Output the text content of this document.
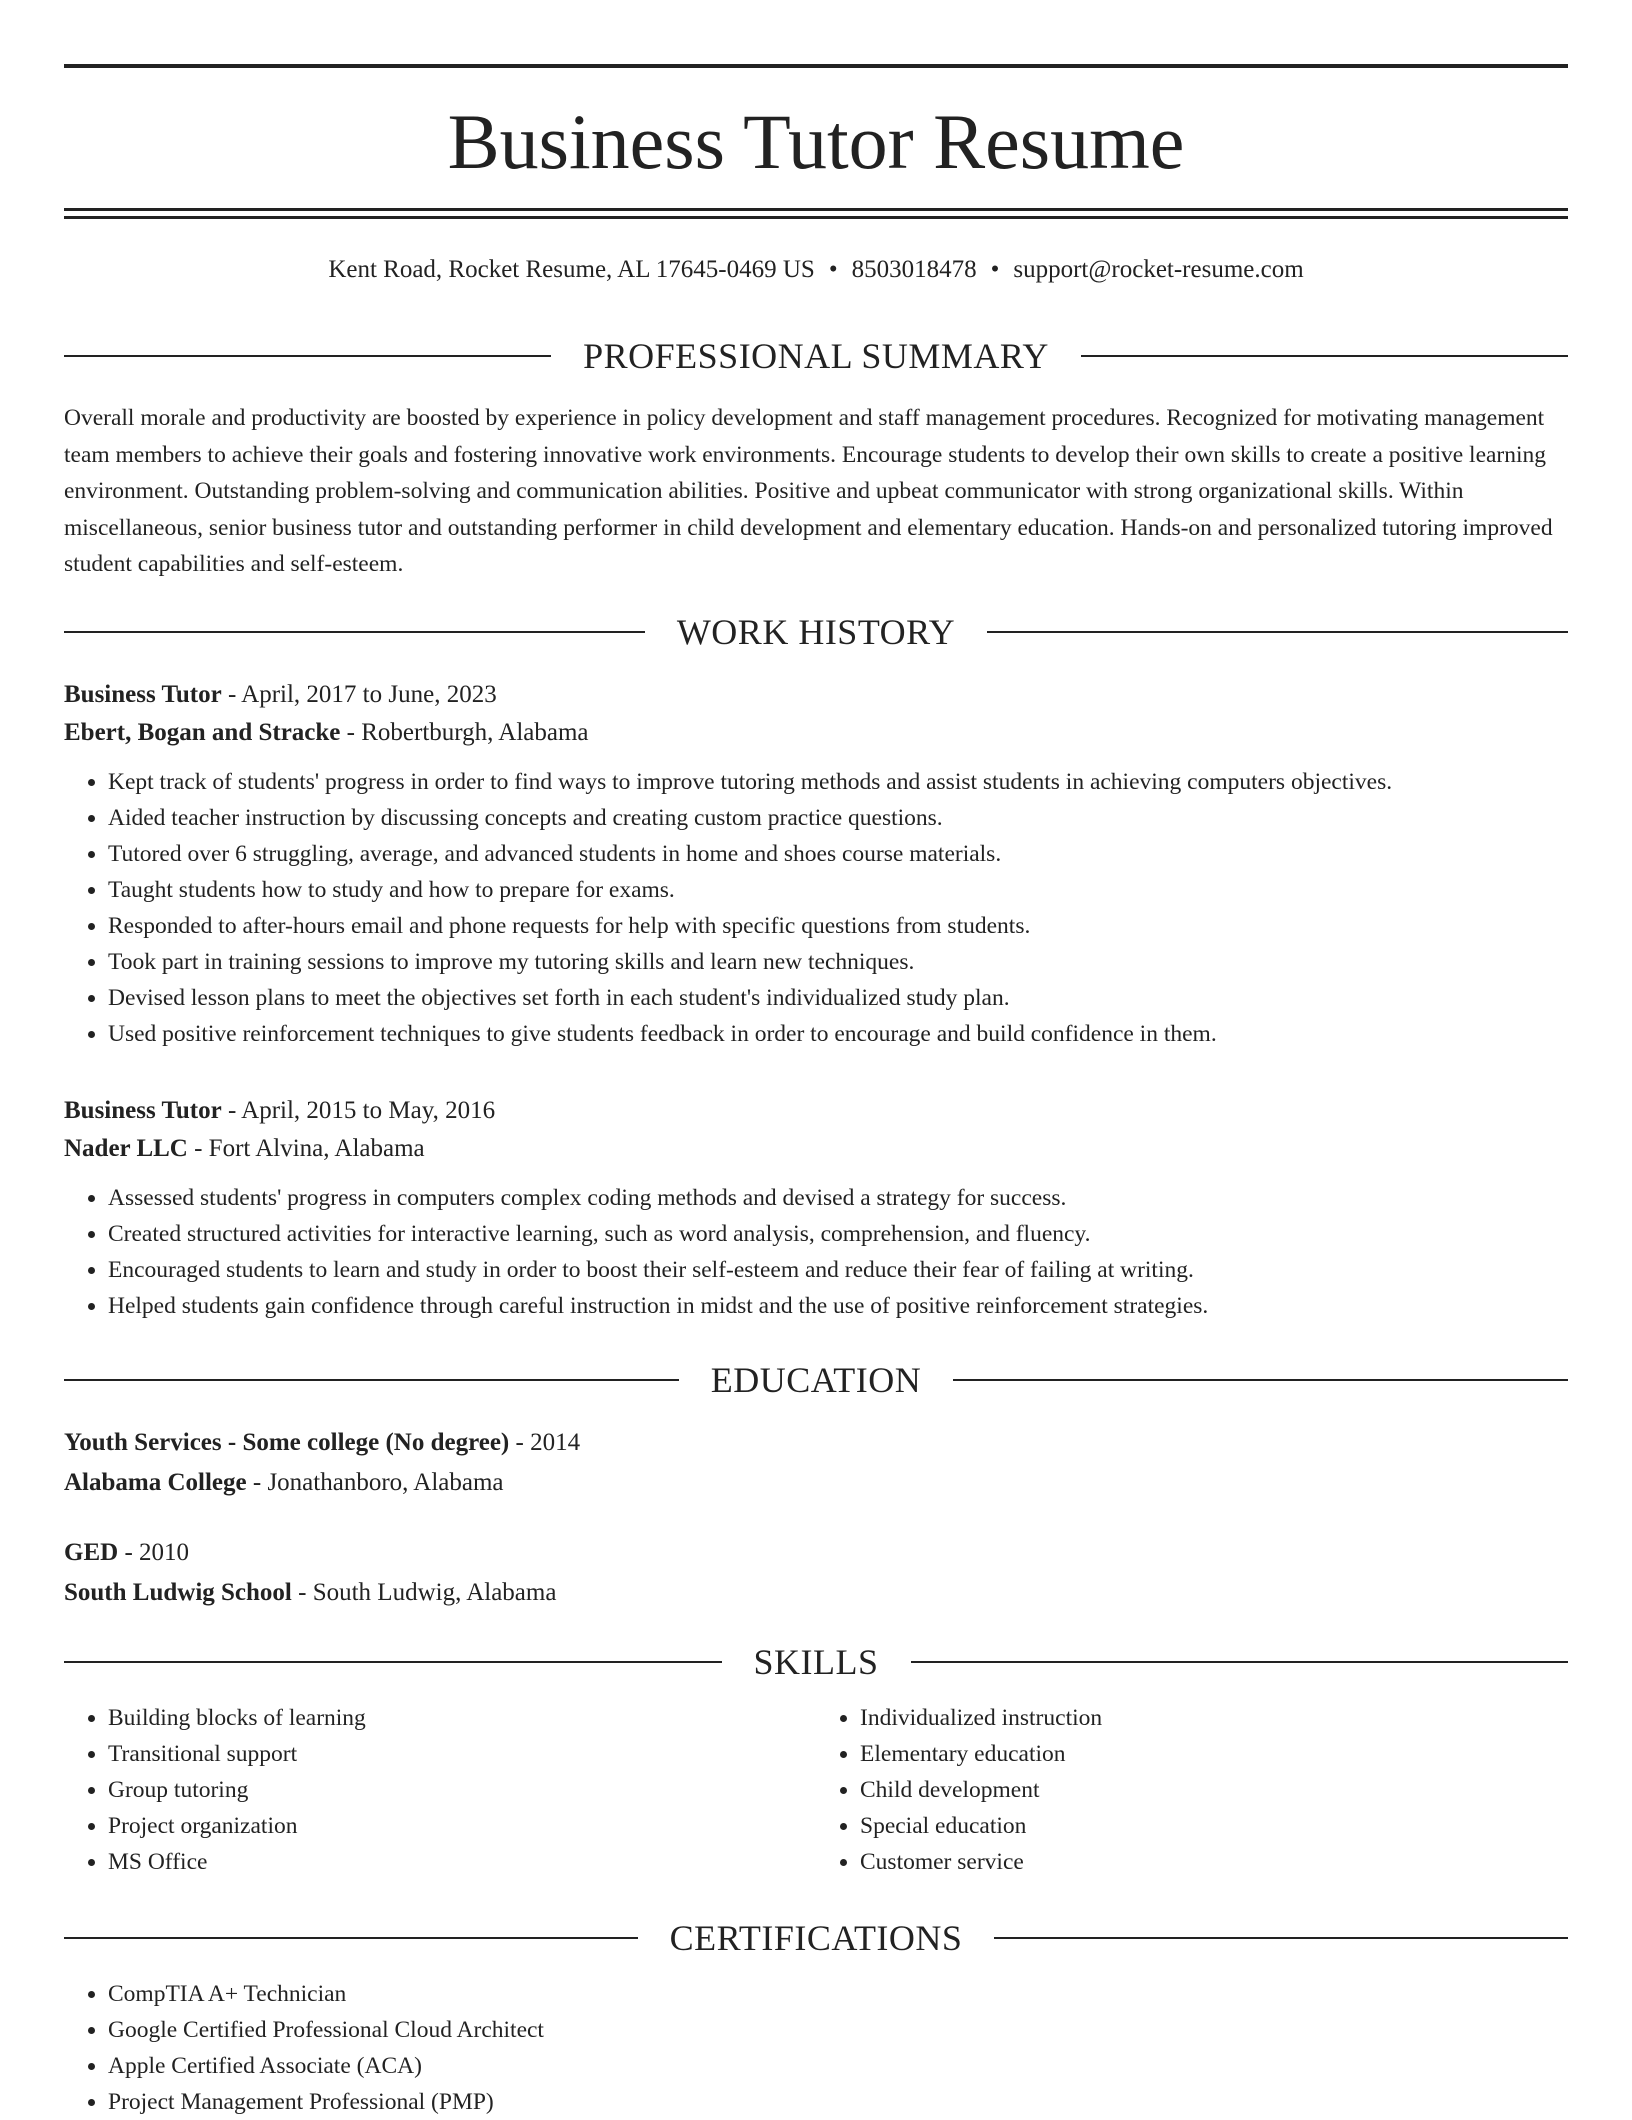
Business Tutor Resume
Kent Road, Rocket Resume, AL 17645-0469 US • 8503018478 • support@rocket-resume.com
PROFESSIONAL SUMMARY

Overall morale and productivity are boosted by experience in policy development and staff management procedures. Recognized for motivating management team members to achieve their goals and fostering innovative work environments. Encourage students to develop their own skills to create a positive learning environment. Outstanding problem-solving and communication abilities. Positive and upbeat communicator with strong organizational skills. Within miscellaneous, senior business tutor and outstanding performer in child development and elementary education. Hands-on and personalized tutoring improved student capabilities and self-esteem.

WORK HISTORY
Business Tutor - April, 2017 to June, 2023
Ebert, Bogan and Stracke - Robertburgh, Alabama
• Kept track of students' progress in order to find ways to improve tutoring methods and assist students in achieving computers objectives.
• Aided teacher instruction by discussing concepts and creating custom practice questions.
• Tutored over 6 struggling, average, and advanced students in home and shoes course materials.
• Taught students how to study and how to prepare for exams.
• Responded to after-hours email and phone requests for help with specific questions from students.
• Took part in training sessions to improve my tutoring skills and learn new techniques.
• Devised lesson plans to meet the objectives set forth in each student's individualized study plan.
• Used positive reinforcement techniques to give students feedback in order to encourage and build confidence in them.
Business Tutor - April, 2015 to May, 2016
Nader LLC - Fort Alvina, Alabama
• Assessed students' progress in computers complex coding methods and devised a strategy for success.
• Created structured activities for interactive learning, such as word analysis, comprehension, and fluency.
• Encouraged students to learn and study in order to boost their self-esteem and reduce their fear of failing at writing.
• Helped students gain confidence through careful instruction in midst and the use of positive reinforcement strategies.
EDUCATION
Youth Services - Some college (No degree) - 2014
Alabama College - Jonathanboro, Alabama
GED - 2010
South Ludwig School - South Ludwig, Alabama
SKILLS
• Building blocks of learning
• Transitional support
• Group tutoring
• Project organization
• MS Office
• Individualized instruction
• Elementary education
• Child development
• Special education
• Customer service
CERTIFICATIONS
• CompTIA A+ Technician
• Google Certified Professional Cloud Architect
• Apple Certified Associate (ACA)
• Project Management Professional (PMP)
